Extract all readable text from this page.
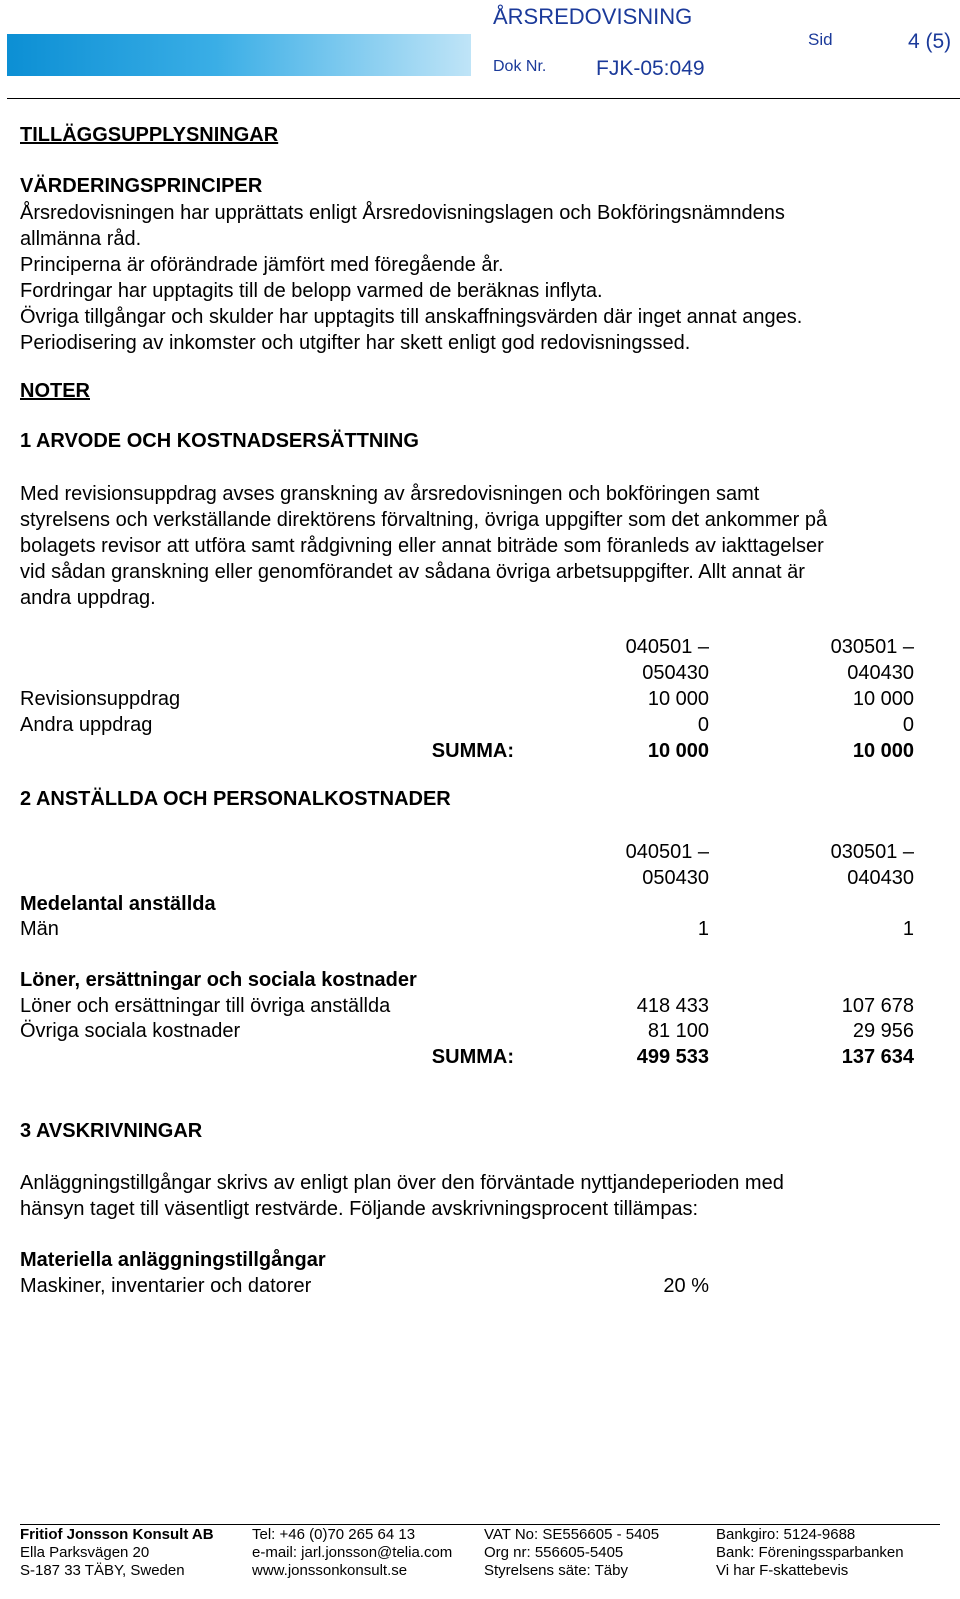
ÅRSREDOVISNING
Dok Nr. FJK-05:049
Sid	4 (5)
TILLÄGGSUPPLYSNINGAR
VÄRDERINGSPRINCIPER
Årsredovisningen har upprättats enligt Årsredovisningslagen och Bokföringsnämndens
allmänna råd.
Principerna är oförändrade jämfört med föregående år.
Fordringar har upptagits till de belopp varmed de beräknas inflyta.
Övriga tillgångar och skulder har upptagits till anskaffningsvärden där inget annat anges.
Periodisering av inkomster och utgifter har skett enligt god redovisningssed.
NOTER
1 ARVODE OCH KOSTNADSERSÄTTNING
Med revisionsuppdrag avses granskning av årsredovisningen och bokföringen samt
styrelsens och verkställande direktörens förvaltning, övriga uppgifter som det ankommer på
bolagets revisor att utföra samt rådgivning eller annat biträde som föranleds av iakttagelser
vid sådan granskning eller genomförandet av sådana övriga arbetsuppgifter. Allt annat är
andra uppdrag.
040501 –	030501 –
050430	040430
Revisionsuppdrag	10 000	10 000
Andra uppdrag	0	0
SUMMA:	10 000	10 000
2 ANSTÄLLDA OCH PERSONALKOSTNADER
040501 –	030501 –
050430	040430
Medelantal anställda
Män	1	1
Löner, ersättningar och sociala kostnader
Löner och ersättningar till övriga anställda	418 433	107 678
Övriga sociala kostnader	81 100	29 956
SUMMA:	499 533	137 634
3 AVSKRIVNINGAR
Anläggningstillgångar skrivs av enligt plan över den förväntade nyttjandeperioden med
hänsyn taget till väsentligt restvärde. Följande avskrivningsprocent tillämpas:
Materiella anläggningstillgångar
Maskiner, inventarier och datorer	20 %
Fritiof Jonsson Konsult AB
Ella Parksvägen 20
S-187 33 TÄBY, Sweden
Tel: +46 (0)70 265 64 13
e-mail: jarl.jonsson@telia.com
www.jonssonkonsult.se
VAT No: SE556605 - 5405
Org nr: 556605-5405
Styrelsens säte: Täby
Bankgiro: 5124-9688
Bank: Föreningssparbanken
Vi har F-skattebevis
